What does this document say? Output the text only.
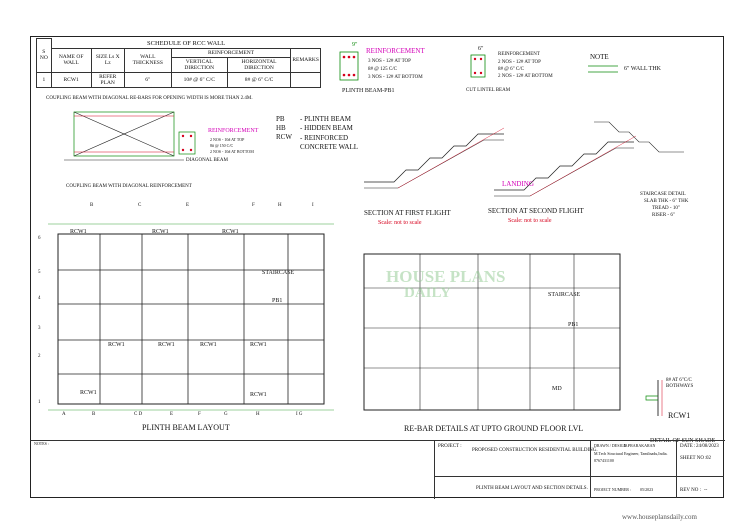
S NO	SCHEDULE OF RCC WALL					
	NAME OF WALL	SIZE Ls X Lz	WALL THICKNESS	REINFORCEMENT		REMARKS
				VERTICAL DIRECTION	HORIZONTAL DIRECTION	
1	RCW1	REFER PLAN	6"	10# @ 6" C/C	8# @ 6" C/C	
9"
REINFORCEMENT
3 NOS - 12# AT TOP
8# @ 125 C/C
3 NOS - 12# AT BOTTOM
PLINTH BEAM-PB1
6"
REINFORCEMENT
2 NOS - 12# AT TOP
8# @ 6" C/C
2 NOS - 12# AT BOTTOM
CUT LINTEL BEAM
NOTE
6" WALL THK
COUPLING BEAM WITH DIAGONAL RE-BARS FOR OPENING WIDTH IS MORE THAN 2.4M.
REINFORCEMENT
2 NOS - 10# AT TOP
8# @ 150 C/C
2 NOS - 10# AT BOTTOM
DIAGONAL BEAM
COUPLING BEAM WITH DIAGONAL REINFORCEMENT
PB - PLINTH BEAM
HB - HIDDEN BEAM
RCW - REINFORCED CONCRETE WALL
LANDING
SECTION AT FIRST FLIGHT
Scale: not to scale
SECTION AT SECOND FLIGHT
Scale: not to scale
STAIRCASE DETAIL
SLAB THK - 6" THK
TREAD - 10"
RISER - 6"
B	C	E	F	H	I
6
5
4
3
2
1
RCW1	RCW1	RCW1
STAIRCASE
PB1
RCW1	RCW1	RCW1	RCW1
RCW1	RCW1
A	B	C D	E	F	G	H	I G
PLINTH BEAM LAYOUT
HOUSE PLANS
DAILY	STAIRCASE
PB1
MD
RE-BAR DETAILS AT UPTO GROUND FLOOR LVL
8# AT 6"C/C BOTHWAYS
RCW1
DETAIL OF SUN SHADE
NOTES :
PROJECT :
PROPOSED CONSTRUCTION RESIDENTIAL BUILDING.
PLINTH BEAM LAYOUT AND SECTION DETAILS.
DRAWN / DESIGN :
D.PRABAKARAN
M.Tech Structural Engineer, Tamilnadu,India.
8767431100
DATE : 24/08/2023
SHEET NO : 02
PROJECT NUMBER : 05/2023	REV NO : --
www.houseplansdaily.com
